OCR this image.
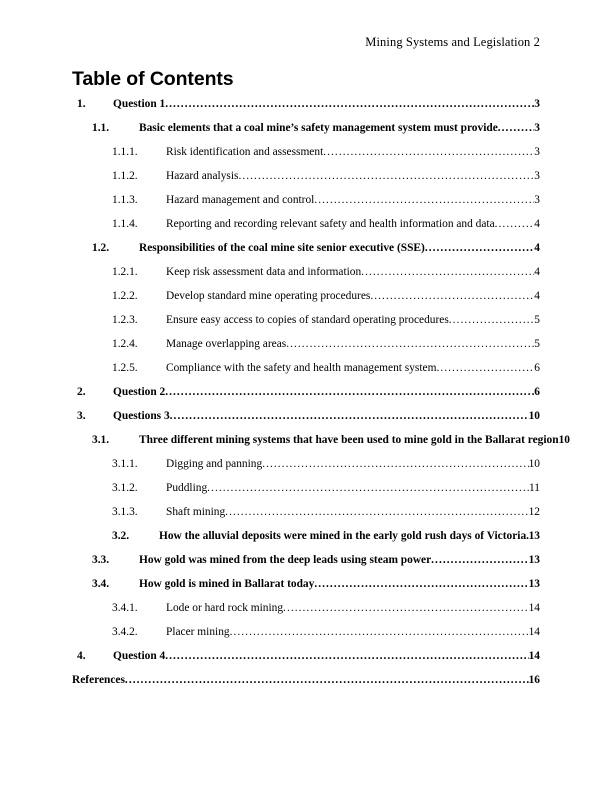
Mining Systems and Legislation 2
Table of Contents
1.	Question 1 .....	3
1.1.	Basic elements that a coal mine’s safety management system must provide .....	3
1.1.1.	Risk identification and assessment .....	3
1.1.2.	Hazard analysis .....	3
1.1.3.	Hazard management and control .....	3
1.1.4.	Reporting and recording relevant safety and health information and data .....	4
1.2.	Responsibilities of the coal mine site senior executive (SSE) .....	4
1.2.1.	Keep risk assessment data and information .....	4
1.2.2.	Develop standard mine operating procedures .....	4
1.2.3.	Ensure easy access to copies of standard operating procedures .....	5
1.2.4.	Manage overlapping areas .....	5
1.2.5.	Compliance with the safety and health management system .....	6
2.	Question 2 .....	6
3.	Questions 3 .....	10
3.1.	Three different mining systems that have been used to mine gold in the Ballarat region 10
3.1.1.	Digging and panning .....	10
3.1.2.	Puddling .....	11
3.1.3.	Shaft mining .....	12
3.2.	How the alluvial deposits were mined in the early gold rush days of Victoria ..... 13
3.3.	How gold was mined from the deep leads using steam power .....	13
3.4.	How gold is mined in Ballarat today .....	13
3.4.1.	Lode or hard rock mining .....	14
3.4.2.	Placer mining .....	14
4.	Question 4 .....	14
References .....	16
